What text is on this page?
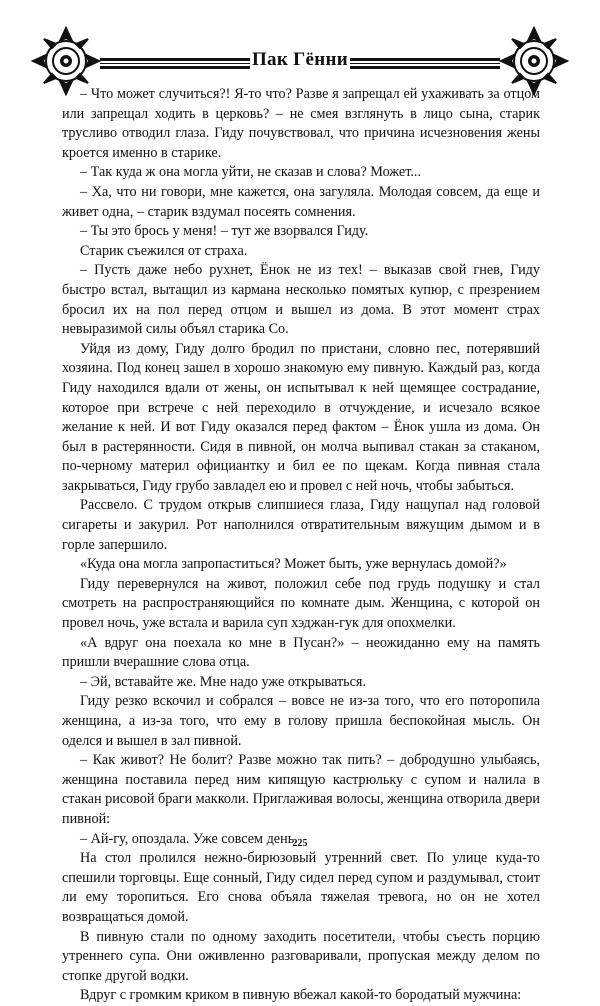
Пак Гённи

– Что может случиться?! Я-то что? Разве я запрещал ей ухаживать за отцом или запрещал ходить в церковь? – не смея взглянуть в лицо сына, старик трусливо отводил глаза. Гиду почувствовал, что причина исчезновения жены кроется именно в старике.

– Так куда ж она могла уйти, не сказав и слова? Может...

– Ха, что ни говори, мне кажется, она загуляла. Молодая совсем, да еще и живет одна, – старик вздумал посеять сомнения.

– Ты это брось у меня! – тут же взорвался Гиду.

Старик съежился от страха.

– Пусть даже небо рухнет, Ёнок не из тех! – выказав свой гнев, Гиду быстро встал, вытащил из кармана несколько помятых купюр, с презрением бросил их на пол перед отцом и вышел из дома. В этот момент страх невыразимой силы объял старика Со.

Уйдя из дому, Гиду долго бродил по пристани, словно пес, потерявший хозяина. Под конец зашел в хорошо знакомую ему пивную. Каждый раз, когда Гиду находился вдали от жены, он испытывал к ней щемящее сострадание, которое при встрече с ней переходило в отчуждение, и исчезало всякое желание к ней. И вот Гиду оказался перед фактом – Ёнок ушла из дома. Он был в растерянности. Сидя в пивной, он молча выпивал стакан за стаканом, по-черному материл официантку и бил ее по щекам. Когда пивная стала закрываться, Гиду грубо завладел ею и провел с ней ночь, чтобы забыться.

Рассвело. С трудом открыв слипшиеся глаза, Гиду нащупал над головой сигареты и закурил. Рот наполнился отвратительным вяжущим дымом и в горле запершило.

«Куда она могла запропаститься? Может быть, уже вернулась домой?»

Гиду перевернулся на живот, положил себе под грудь подушку и стал смотреть на распространяющийся по комнате дым. Женщина, с которой он провел ночь, уже встала и варила суп хэджан-гук для опохмелки.

«А вдруг она поехала ко мне в Пусан?» – неожиданно ему на память пришли вчерашние слова отца.

– Эй, вставайте же. Мне надо уже открываться.

Гиду резко вскочил и собрался – вовсе не из-за того, что его поторопила женщина, а из-за того, что ему в голову пришла беспокойная мысль. Он оделся и вышел в зал пивной.

– Как живот? Не болит? Разве можно так пить? – добродушно улыбаясь, женщина поставила перед ним кипящую кастрюльку с супом и налила в стакан рисовой браги макколи. Приглаживая волосы, женщина отворила двери пивной:

– Ай-гу, опоздала. Уже совсем день.

На стол пролился нежно-бирюзовый утренний свет. По улице куда-то спешили торговцы. Еще сонный, Гиду сидел перед супом и раздумывал, стоит ли ему торопиться. Его снова объяла тяжелая тревога, но он не хотел возвращаться домой.

В пивную стали по одному заходить посетители, чтобы съесть порцию утреннего супа. Они оживленно разговаривали, пропуская между делом по стопке другой водки.

Вдруг с громким криком в пивную вбежал какой-то бородатый мужчина:

225
